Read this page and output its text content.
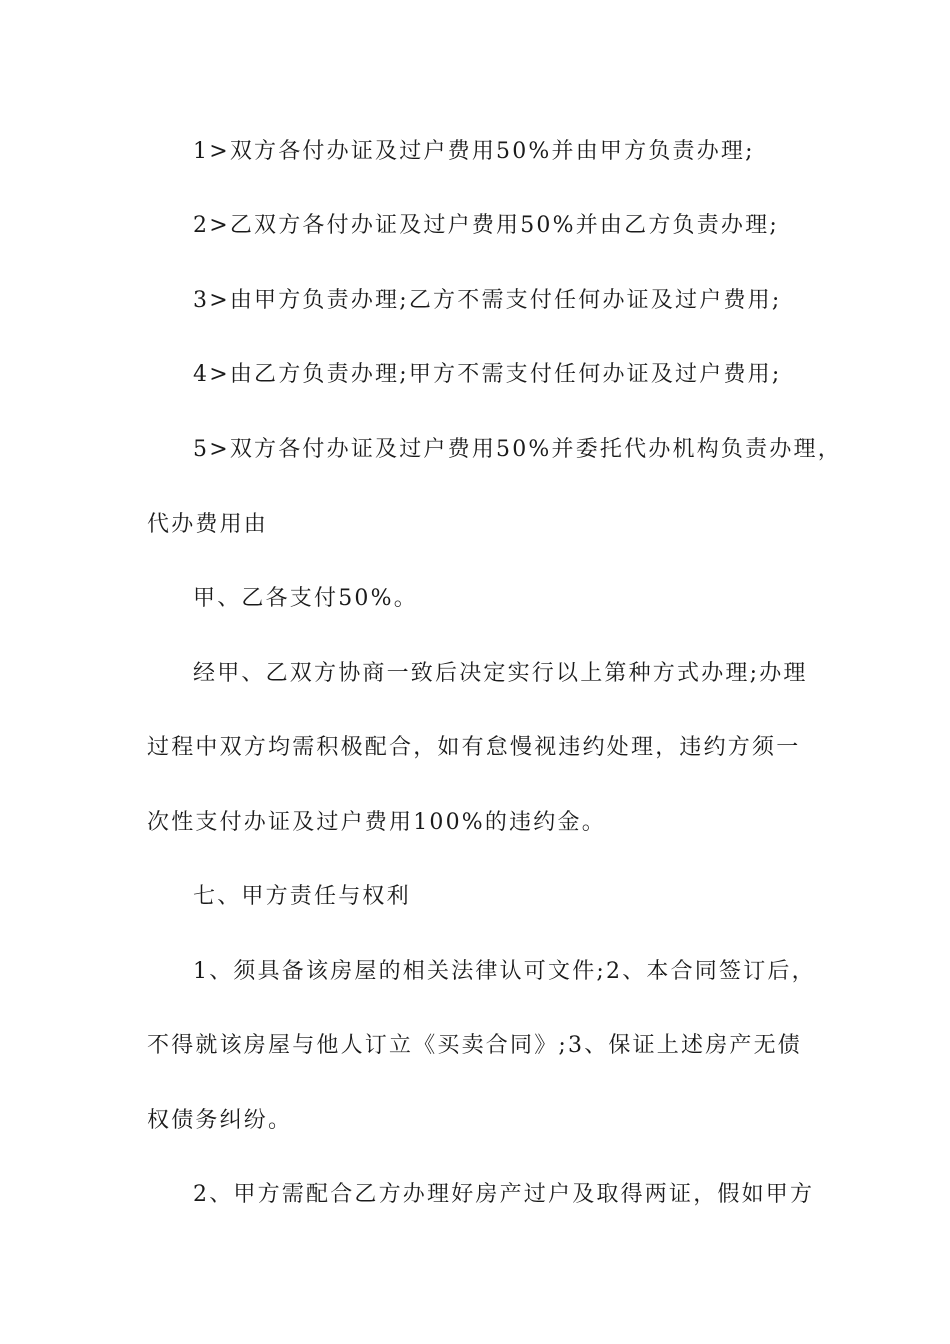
1>双方各付办证及过户费用50%并由甲方负责办理;
2>乙双方各付办证及过户费用50%并由乙方负责办理;
3>由甲方负责办理;乙方不需支付任何办证及过户费用;
4>由乙方负责办理;甲方不需支付任何办证及过户费用;
5>双方各付办证及过户费用50%并委托代办机构负责办理，
代办费用由
甲、乙各支付50%。
经甲、乙双方协商一致后决定实行以上第种方式办理;办理
过程中双方均需积极配合，如有怠慢视违约处理，违约方须一
次性支付办证及过户费用100%的违约金。
七、甲方责任与权利
1、须具备该房屋的相关法律认可文件;2、本合同签订后，
不得就该房屋与他人订立《买卖合同》;3、保证上述房产无债
权债务纠纷。
2、甲方需配合乙方办理好房产过户及取得两证，假如甲方
